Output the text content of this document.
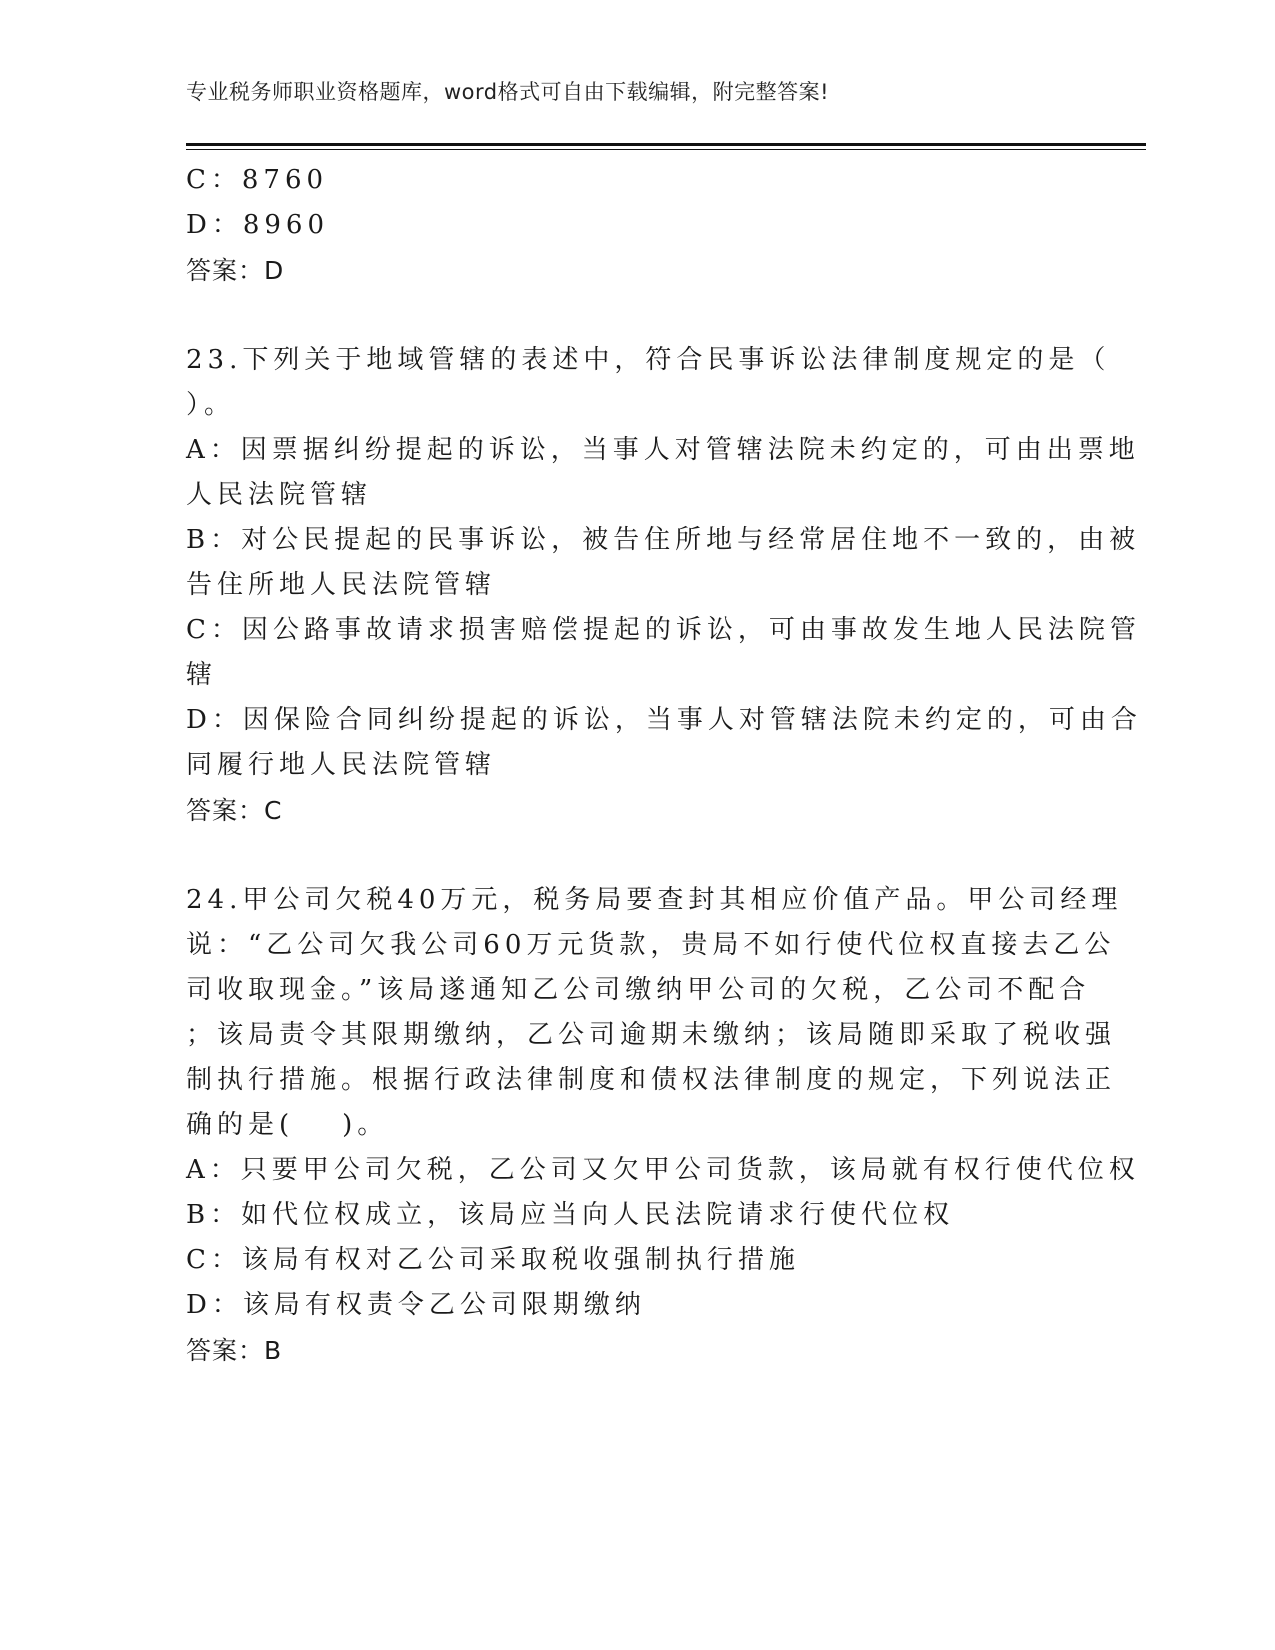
专业税务师职业资格题库，word格式可自由下载编辑，附完整答案!
C：8760
D：8960
答案：D
23.下列关于地域管辖的表述中，符合民事诉讼法律制度规定的是（
）。
A：因票据纠纷提起的诉讼，当事人对管辖法院未约定的，可由出票地
人民法院管辖
B：对公民提起的民事诉讼，被告住所地与经常居住地不一致的，由被
告住所地人民法院管辖
C：因公路事故请求损害赔偿提起的诉讼，可由事故发生地人民法院管
辖
D：因保险合同纠纷提起的诉讼，当事人对管辖法院未约定的，可由合
同履行地人民法院管辖
答案：C
24.甲公司欠税40万元，税务局要查封其相应价值产品。甲公司经理
说：“乙公司欠我公司60万元货款，贵局不如行使代位权直接去乙公
司收取现金。”该局遂通知乙公司缴纳甲公司的欠税，乙公司不配合
；该局责令其限期缴纳，乙公司逾期未缴纳；该局随即采取了税收强
制执行措施。根据行政法律制度和债权法律制度的规定，下列说法正
确的是( )。
A：只要甲公司欠税，乙公司又欠甲公司货款，该局就有权行使代位权
B：如代位权成立，该局应当向人民法院请求行使代位权
C：该局有权对乙公司采取税收强制执行措施
D：该局有权责令乙公司限期缴纳
答案：B
